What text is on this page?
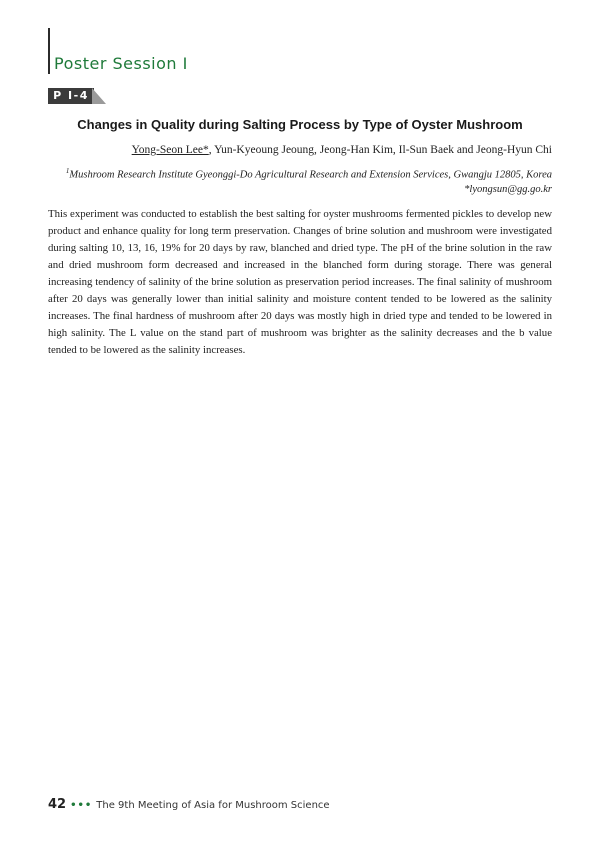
Poster Session I
P I-4
Changes in Quality during Salting Process by Type of Oyster Mushroom
Yong-Seon Lee*, Yun-Kyeoung Jeoung, Jeong-Han Kim, Il-Sun Baek and Jeong-Hyun Chi
$^1$Mushroom Research Institute Gyeonggi-Do Agricultural Research and Extension Services, Gwangju 12805, Korea
*lyongsun@gg.go.kr
This experiment was conducted to establish the best salting for oyster mushrooms fermented pickles to develop new product and enhance quality for long term preservation. Changes of brine solution and mushroom were investigated during salting 10, 13, 16, 19% for 20 days by raw, blanched and dried type. The pH of the brine solution in the raw and dried mushroom form decreased and increased in the blanched form during storage. There was general increasing tendency of salinity of the brine solution as preservation period increases. The final salinity of mushroom after 20 days was generally lower than initial salinity and moisture content tended to be lowered as the salinity increases. The final hardness of mushroom after 20 days was mostly high in dried type and tended to be lowered in high salinity. The L value on the stand part of mushroom was brighter as the salinity decreases and the b value tended to be lowered as the salinity increases.
42 ••• The 9th Meeting of Asia for Mushroom Science
